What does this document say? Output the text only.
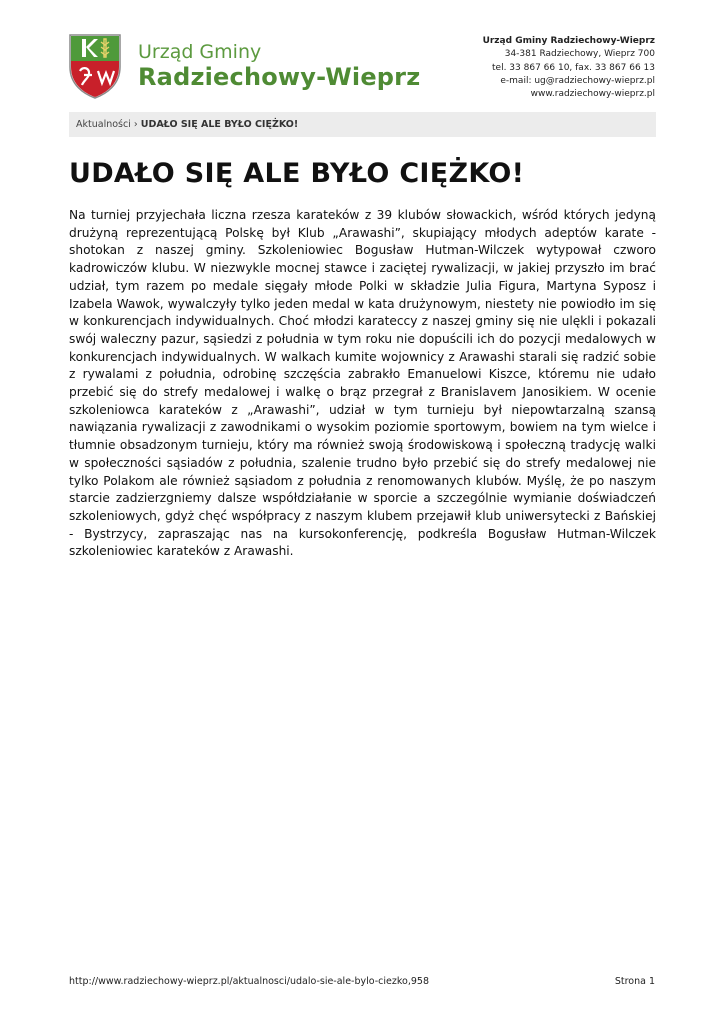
Urząd Gminy
Radziechowy-Wieprz
Urząd Gminy Radziechowy-Wieprz
34-381 Radziechowy, Wieprz 700
tel. 33 867 66 10, fax. 33 867 66 13
e-mail: ug@radziechowy-wieprz.pl
www.radziechowy-wieprz.pl
Aktualności › UDAŁO SIĘ ALE BYŁO CIĘŻKO!
UDAŁO SIĘ ALE BYŁO CIĘŻKO!

Na turniej przyjechała liczna rzesza karateków z 39 klubów słowackich, wśród których jedyną drużyną reprezentującą Polskę był Klub „Arawashi”, skupiający młodych adeptów karate - shotokan z naszej gminy. Szkoleniowiec Bogusław Hutman-Wilczek wytypował czworo kadrowiczów klubu. W niezwykle mocnej stawce i zaciętej rywalizacji, w jakiej przyszło im brać udział, tym razem po medale sięgały młode Polki w składzie Julia Figura, Martyna Syposz i Izabela Wawok, wywalczyły tylko jeden medal w kata drużynowym, niestety nie powiodło im się w konkurencjach indywidualnych. Choć młodzi karateccy z naszej gminy się nie ulękli i pokazali swój waleczny pazur, sąsiedzi z południa w tym roku nie dopuścili ich do pozycji medalowych w konkurencjach indywidualnych. W walkach kumite wojownicy z Arawashi starali się radzić sobie z rywalami z południa, odrobinę szczęścia zabrakło Emanuelowi Kiszce, któremu nie udało przebić się do strefy medalowej i walkę o brąz przegrał z Branislavem Janosikiem. W ocenie szkoleniowca karateków z „Arawashi”, udział w tym turnieju był niepowtarzalną szansą nawiązania rywalizacji z zawodnikami o wysokim poziomie sportowym, bowiem na tym wielce i tłumnie obsadzonym turnieju, który ma również swoją środowiskową i społeczną tradycję walki w społeczności sąsiadów z południa, szalenie trudno było przebić się do strefy medalowej nie tylko Polakom ale również sąsiadom z południa z renomowanych klubów. Myślę, że po naszym starcie zadzierzgniemy dalsze współdziałanie w sporcie a szczególnie wymianie doświadczeń szkoleniowych, gdyż chęć współpracy z naszym klubem przejawił klub uniwersytecki z Bańskiej - Bystrzycy, zapraszając nas na kursokonferencję, podkreśla Bogusław Hutman-Wilczek szkoleniowiec karateków z Arawashi.

http://www.radziechowy-wieprz.pl/aktualnosci/udalo-sie-ale-bylo-ciezko,958	Strona 1
